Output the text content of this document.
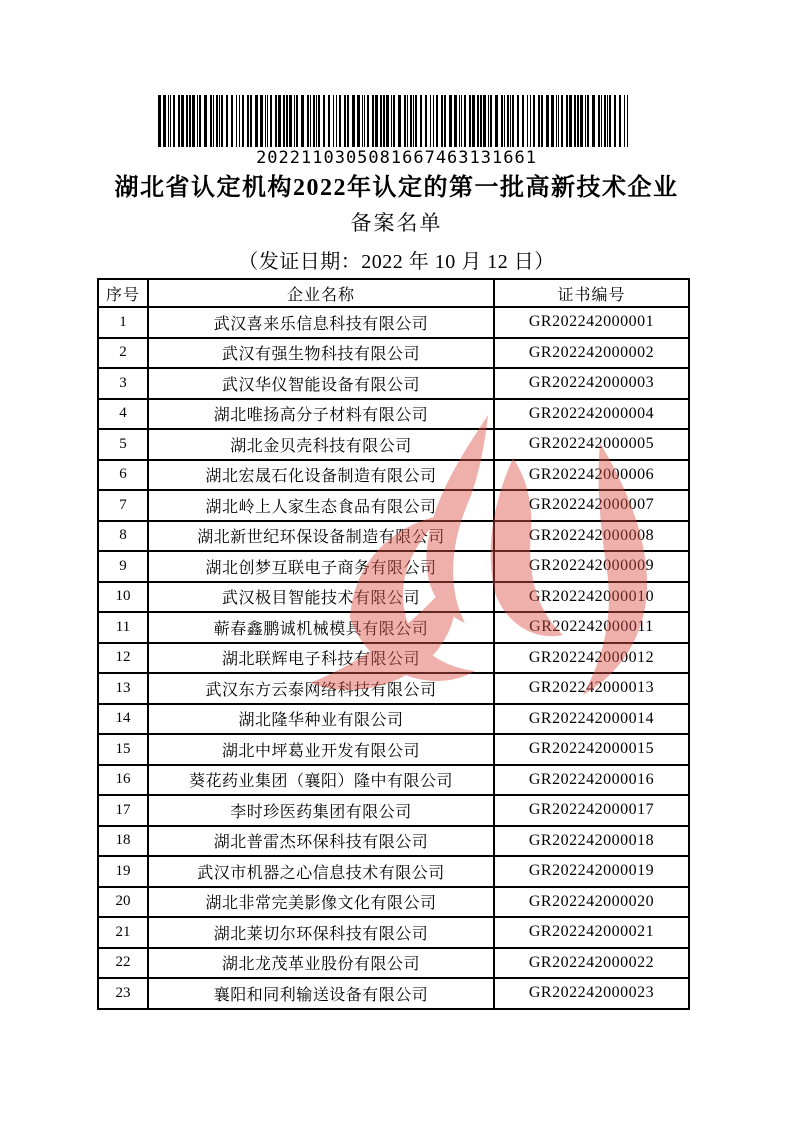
2022110305081667463131661
湖北省认定机构2022年认定的第一批高新技术企业
备案名单
（发证日期：2022 年 10 月 12 日）
序号	企业名称	证书编号
1	武汉喜来乐信息科技有限公司	GR202242000001
2	武汉有强生物科技有限公司	GR202242000002
3	武汉华仪智能设备有限公司	GR202242000003
4	湖北唯扬高分子材料有限公司	GR202242000004
5	湖北金贝壳科技有限公司	GR202242000005
6	湖北宏晟石化设备制造有限公司	GR202242000006
7	湖北岭上人家生态食品有限公司	GR202242000007
8	湖北新世纪环保设备制造有限公司	GR202242000008
9	湖北创梦互联电子商务有限公司	GR202242000009
10	武汉极目智能技术有限公司	GR202242000010
11	蕲春鑫鹏诚机械模具有限公司	GR202242000011
12	湖北联辉电子科技有限公司	GR202242000012
13	武汉东方云泰网络科技有限公司	GR202242000013
14	湖北隆华种业有限公司	GR202242000014
15	湖北中坪葛业开发有限公司	GR202242000015
16	葵花药业集团（襄阳）隆中有限公司	GR202242000016
17	李时珍医药集团有限公司	GR202242000017
18	湖北普雷杰环保科技有限公司	GR202242000018
19	武汉市机器之心信息技术有限公司	GR202242000019
20	湖北非常完美影像文化有限公司	GR202242000020
21	湖北莱切尔环保科技有限公司	GR202242000021
22	湖北龙茂革业股份有限公司	GR202242000022
23	襄阳和同利输送设备有限公司	GR202242000023
